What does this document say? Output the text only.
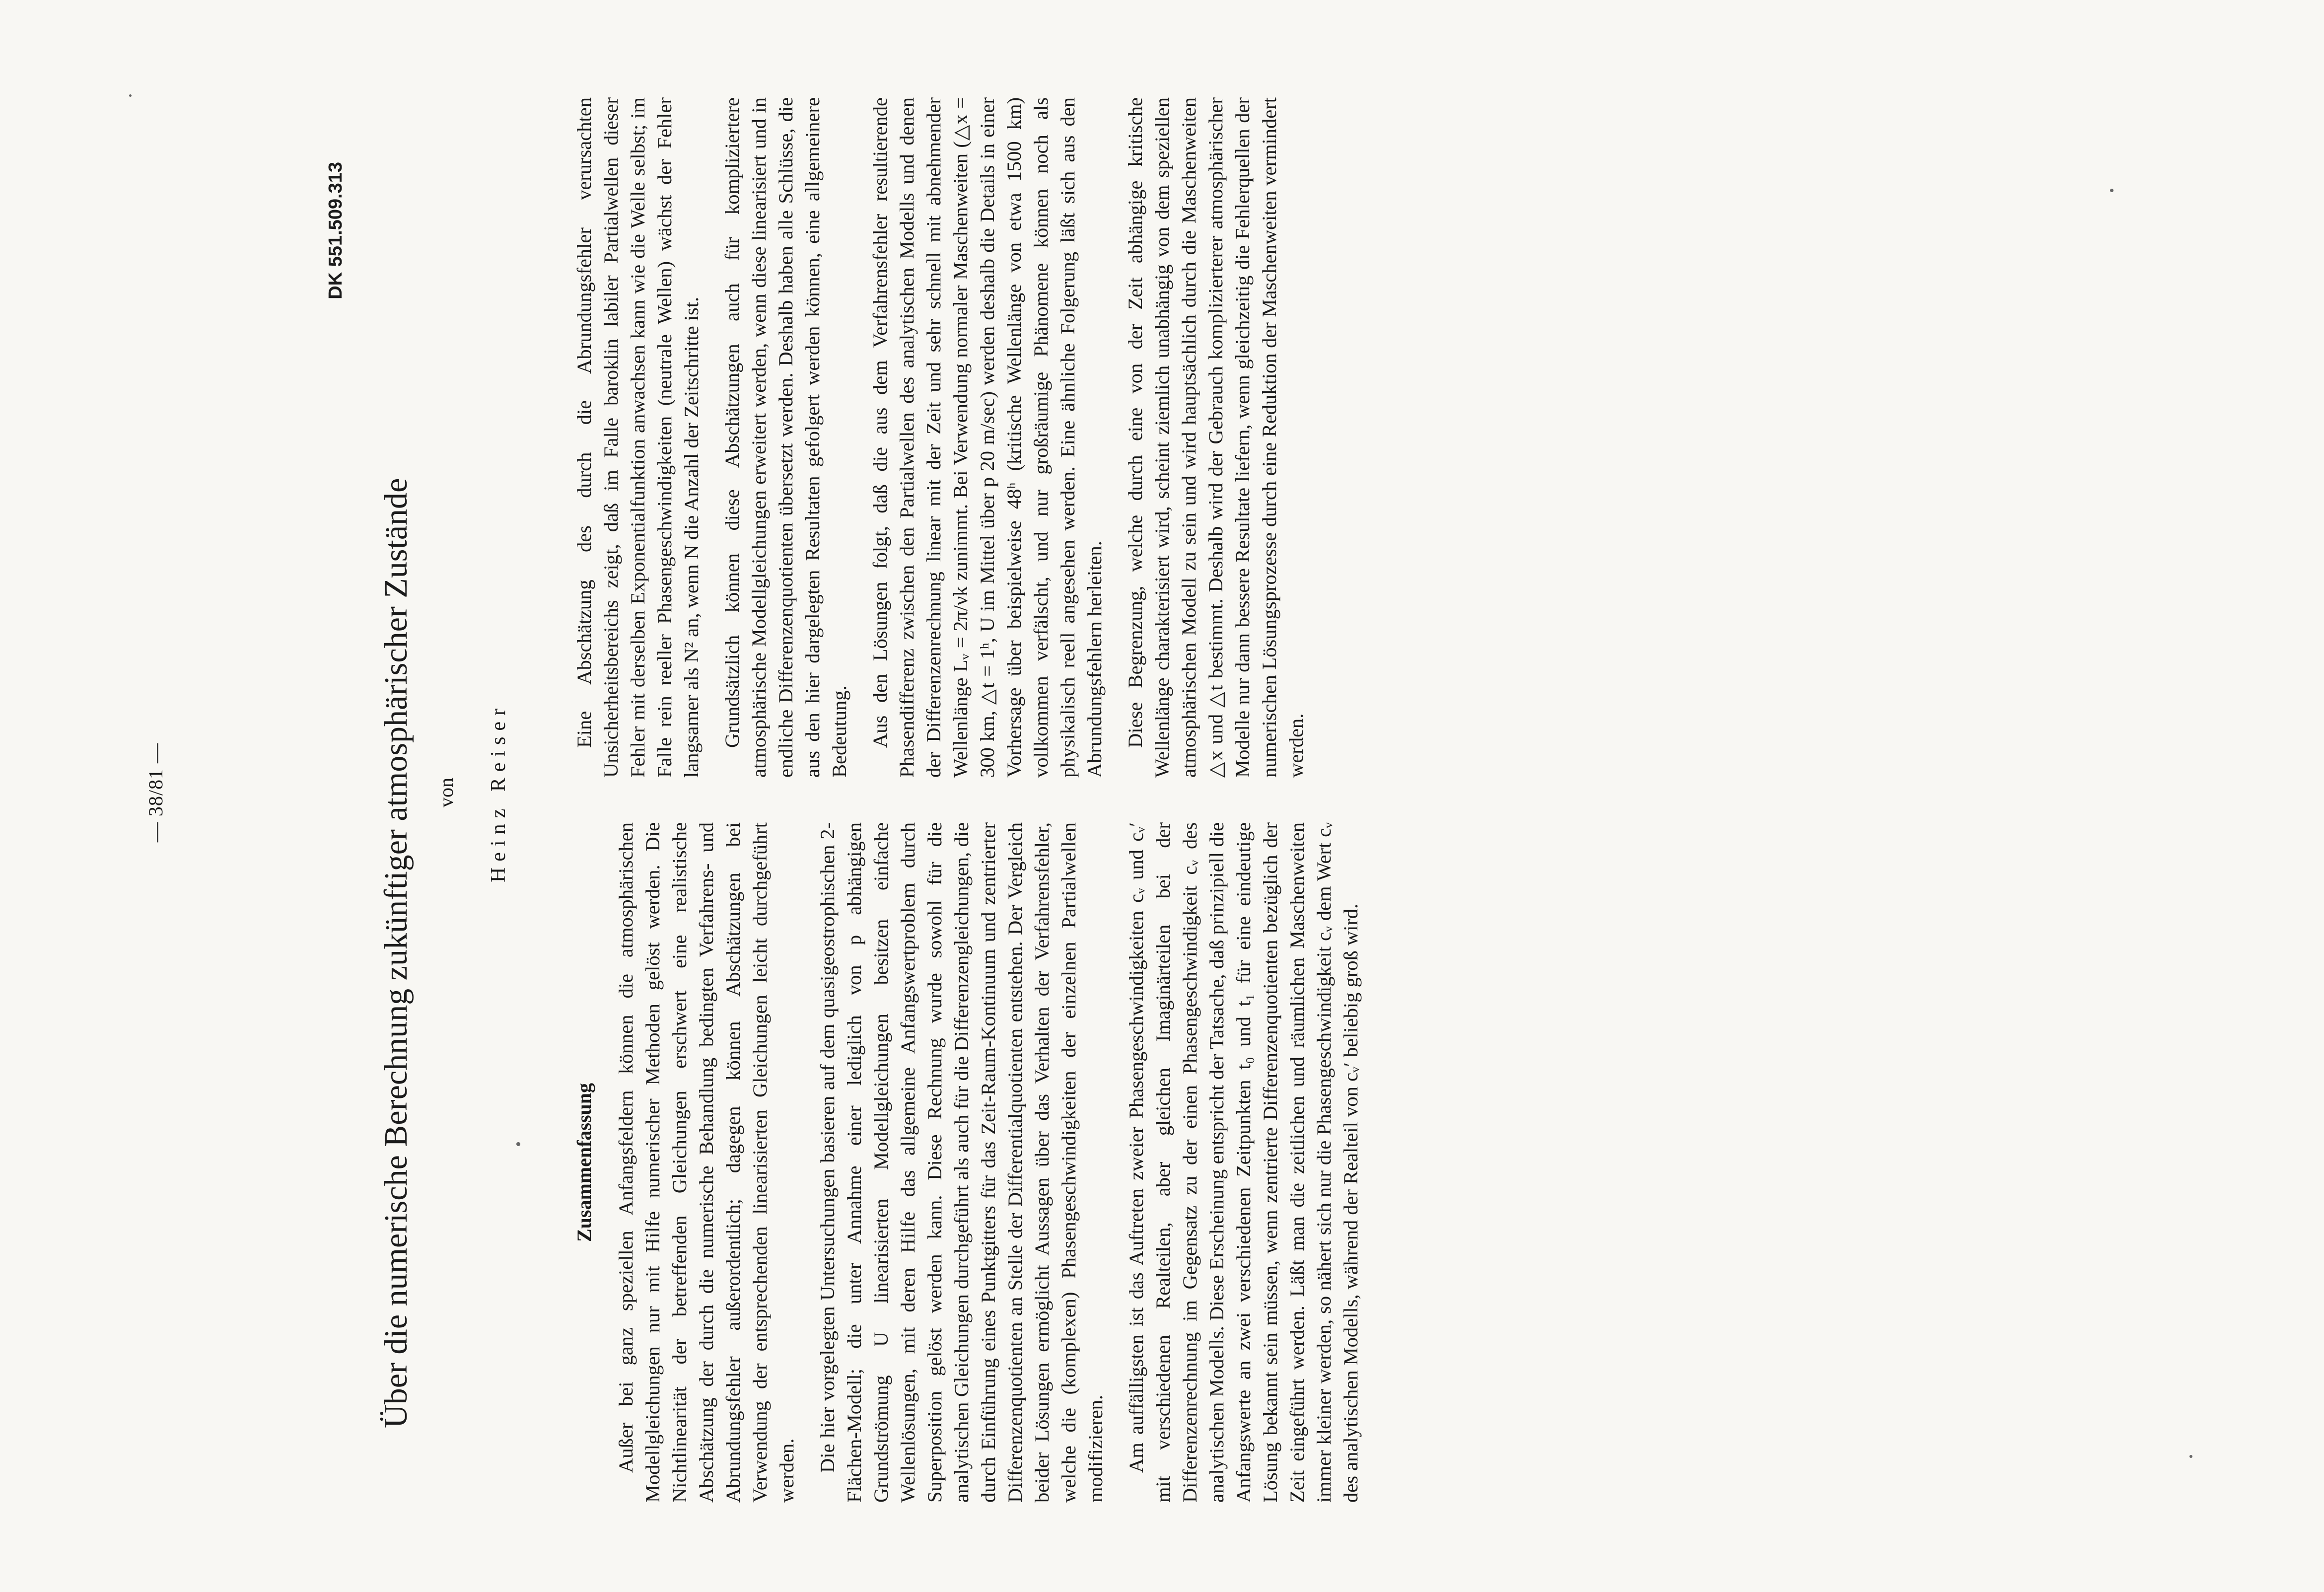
— 38/81 —
DK 551.509.313
Über die numerische Berechnung zukünftiger atmosphärischer Zustände von Heinz Reiser
Zusammenfassung Außer bei ganz speziellen Anfangsfeldern können die atmosphärischen Modellgleichungen nur mit Hilfe numerischer Methoden gelöst werden. Die Nichtlinearität der betreffenden Gleichungen erschwert eine realistische Abschätzung der durch die numerische Behandlung bedingten Verfahrens- und Abrundungsfehler außerordentlich; dagegen können Abschätzungen bei Verwendung der entsprechenden linearisierten Gleichungen leicht durchgeführt werden. Die hier vorgelegten Untersuchungen basieren auf dem quasigeostrophischen 2-Flächen-Modell; die unter Annahme einer lediglich von p abhängigen Grundströmung U linearisierten Modellgleichungen besitzen einfache Wellenlösungen, mit deren Hilfe das allgemeine Anfangswertproblem durch Superposition gelöst werden kann. Diese Rechnung wurde sowohl für die analytischen Gleichungen durchgeführt als auch für die Differenzengleichungen, die durch Einführung eines Punktgitters für das Zeit-Raum-Kontinuum und zentrierter Differenzenquotienten an Stelle der Differentialquotienten entstehen. Der Vergleich beider Lösungen ermöglicht Aussagen über das Verhalten der Verfahrensfehler, welche die (komplexen) Phasengeschwindigkeiten der einzelnen Partialwellen modifizieren. Am auffälligsten ist das Auftreten zweier Phasengeschwindigkeiten cᵥ und cᵥ′ mit verschiedenen Realteilen, aber gleichen Imaginärteilen bei der Differenzenrechnung im Gegensatz zu der einen Phasengeschwindigkeit cᵥ des analytischen Modells. Diese Erscheinung entspricht der Tatsache, daß prinzipiell die Anfangswerte an zwei verschiedenen Zeitpunkten t₀ und t₁ für eine eindeutige Lösung bekannt sein müssen, wenn zentrierte Differenzenquotienten bezüglich der Zeit eingeführt werden. Läßt man die zeitlichen und räumlichen Maschenweiten immer kleiner werden, so nähert sich nur die Phasengeschwindigkeit cᵥ dem Wert cᵥ des analytischen Modells, während der Realteil von cᵥ′ beliebig groß wird.

Eine Abschätzung des durch die Abrundungsfehler verursachten Unsicherheitsbereichs zeigt, daß im Falle baroklin labiler Partialwellen dieser Fehler mit derselben Exponentialfunktion anwachsen kann wie die Welle selbst; im Falle rein reeller Phasengeschwindigkeiten (neutrale Wellen) wächst der Fehler langsamer als N² an, wenn N die Anzahl der Zeitschritte ist. Grundsätzlich können diese Abschätzungen auch für kompliziertere atmosphärische Modellgleichungen erweitert werden, wenn diese linearisiert und in endliche Differenzenquotienten übersetzt werden. Deshalb haben alle Schlüsse, die aus den hier dargelegten Resultaten gefolgert werden können, eine allgemeinere Bedeutung. Aus den Lösungen folgt, daß die aus dem Verfahrensfehler resultierende Phasendifferenz zwischen den Partialwellen des analytischen Modells und denen der Differenzenrechnung linear mit der Zeit und sehr schnell mit abnehmender Wellenlänge Lᵥ = 2π/νk zunimmt. Bei Verwendung normaler Maschenweiten (△x = 300 km, △t = 1ʰ, U im Mittel über p 20 m/sec) werden deshalb die Details in einer Vorhersage über beispielweise 48ʰ (kritische Wellenlänge von etwa 1500 km) vollkommen verfälscht, und nur großräumige Phänomene können noch als physikalisch reell angesehen werden. Eine ähnliche Folgerung läßt sich aus den Abrundungsfehlern herleiten. Diese Begrenzung, welche durch eine von der Zeit abhängige kritische Wellenlänge charakterisiert wird, scheint ziemlich unabhängig von dem speziellen atmosphärischen Modell zu sein und wird hauptsächlich durch die Maschenweiten △x und △t bestimmt. Deshalb wird der Gebrauch komplizierterer atmosphärischer Modelle nur dann bessere Resultate liefern, wenn gleichzeitig die Fehlerquellen der numerischen Lösungsprozesse durch eine Reduktion der Maschenweiten vermindert werden.
